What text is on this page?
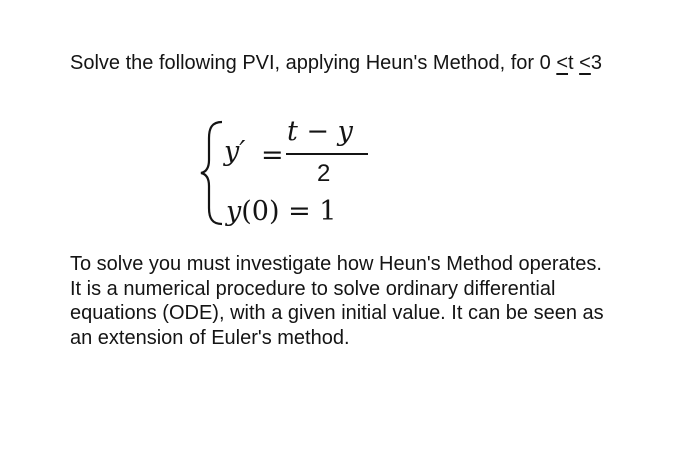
Solve the following PVI, applying Heun's Method, for 0 ≤t ≤3
y′ =
t − y
2
y(0) = 1
To solve you must investigate how Heun's Method operates.
It is a numerical procedure to solve ordinary differential
equations (ODE), with a given initial value. It can be seen as
an extension of Euler's method.
